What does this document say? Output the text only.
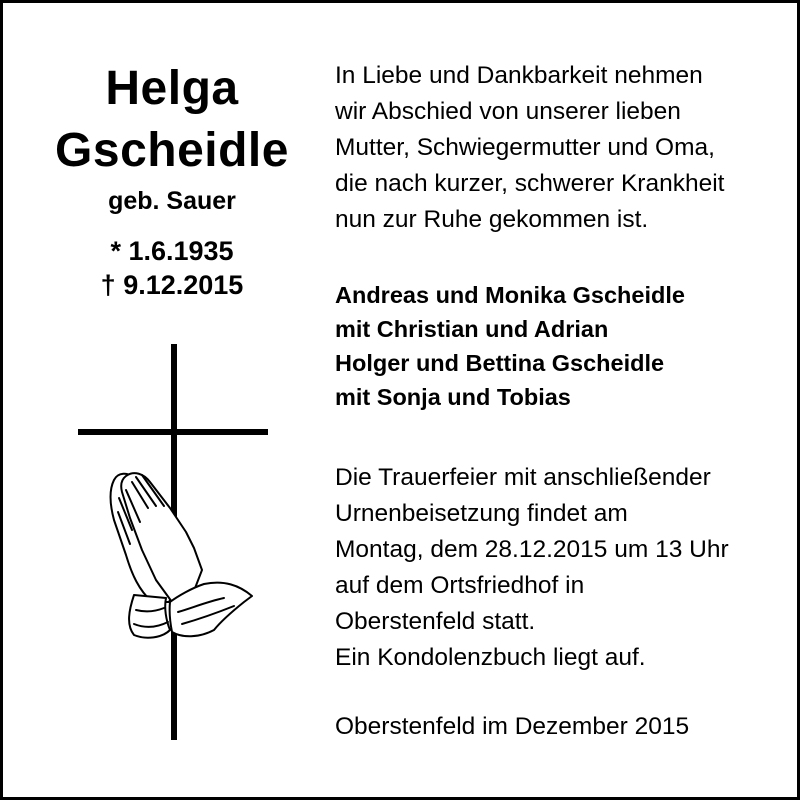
Helga
Gscheidle
geb. Sauer
* 1.6.1935
† 9.12.2015

In Liebe und Dankbarkeit nehmen

wir Abschied von unserer lieben

Mutter, Schwiegermutter und Oma,

die nach kurzer, schwerer Krankheit

nun zur Ruhe gekommen ist.

Andreas und Monika Gscheidle

mit Christian und Adrian

Holger und Bettina Gscheidle

mit Sonja und Tobias

Die Trauerfeier mit anschließender

Urnenbeisetzung findet am

Montag, dem 28.12.2015 um 13 Uhr

auf dem Ortsfriedhof in

Oberstenfeld statt.

Ein Kondolenzbuch liegt auf.

Oberstenfeld im Dezember 2015
